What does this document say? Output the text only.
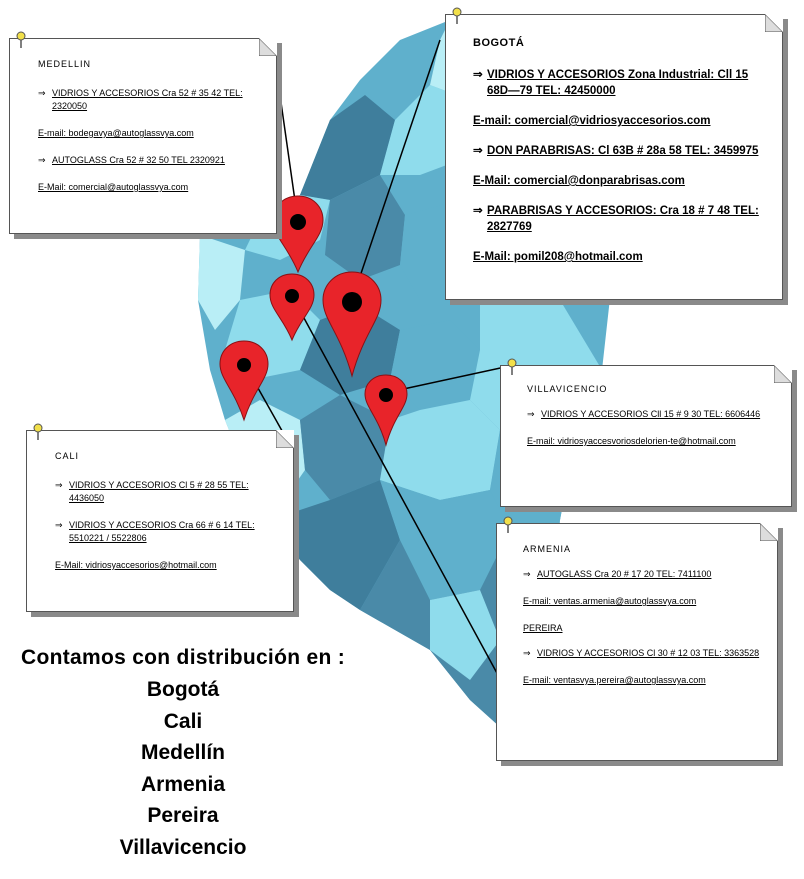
MEDELLIN
⇒ VIDRIOS Y ACCESORIOS Cra 52 # 35 42 TEL: 2320050
E-mail: bodegavya@autoglassvya.com
⇒ AUTOGLASS Cra 52 # 32 50 TEL 2320921
E-Mail: comercial@autoglassvya.com
BOGOTÁ
⇒ VIDRIOS Y ACCESORIOS Zona Industrial: Cll 15 68D—79 TEL: 42450000
E-mail: comercial@vidriosyaccesorios.com
⇒ DON PARABRISAS: Cl 63B # 28a 58 TEL: 3459975
E-Mail: comercial@donparabrisas.com
⇒ PARABRISAS Y ACCESORIOS: Cra 18 # 7 48 TEL: 2827769
E-Mail: pomil208@hotmail.com
VILLAVICENCIO
⇒ VIDRIOS Y ACCESORIOS Cll 15 # 9 30 TEL: 6606446
E-mail: vidriosyaccesvoriosdelorien-te@hotmail.com
CALI
⇒ VIDRIOS Y ACCESORIOS Cl 5 # 28 55 TEL: 4436050
⇒ VIDRIOS Y ACCESORIOS Cra 66 # 6 14 TEL: 5510221 / 5522806
E-Mail: vidriosyaccesorios@hotmail.com
ARMENIA
⇒ AUTOGLASS Cra 20 # 17 20 TEL: 7411100
E-mail: ventas.armenia@autoglassvya.com
PEREIRA
⇒ VIDRIOS Y ACCESORIOS Cl 30 # 12 03 TEL: 3363528
E-mail: ventasvya.pereira@autoglassvya.com
Contamos con distribución en :
Bogotá
Cali
Medellín
Armenia
Pereira
Villavicencio
